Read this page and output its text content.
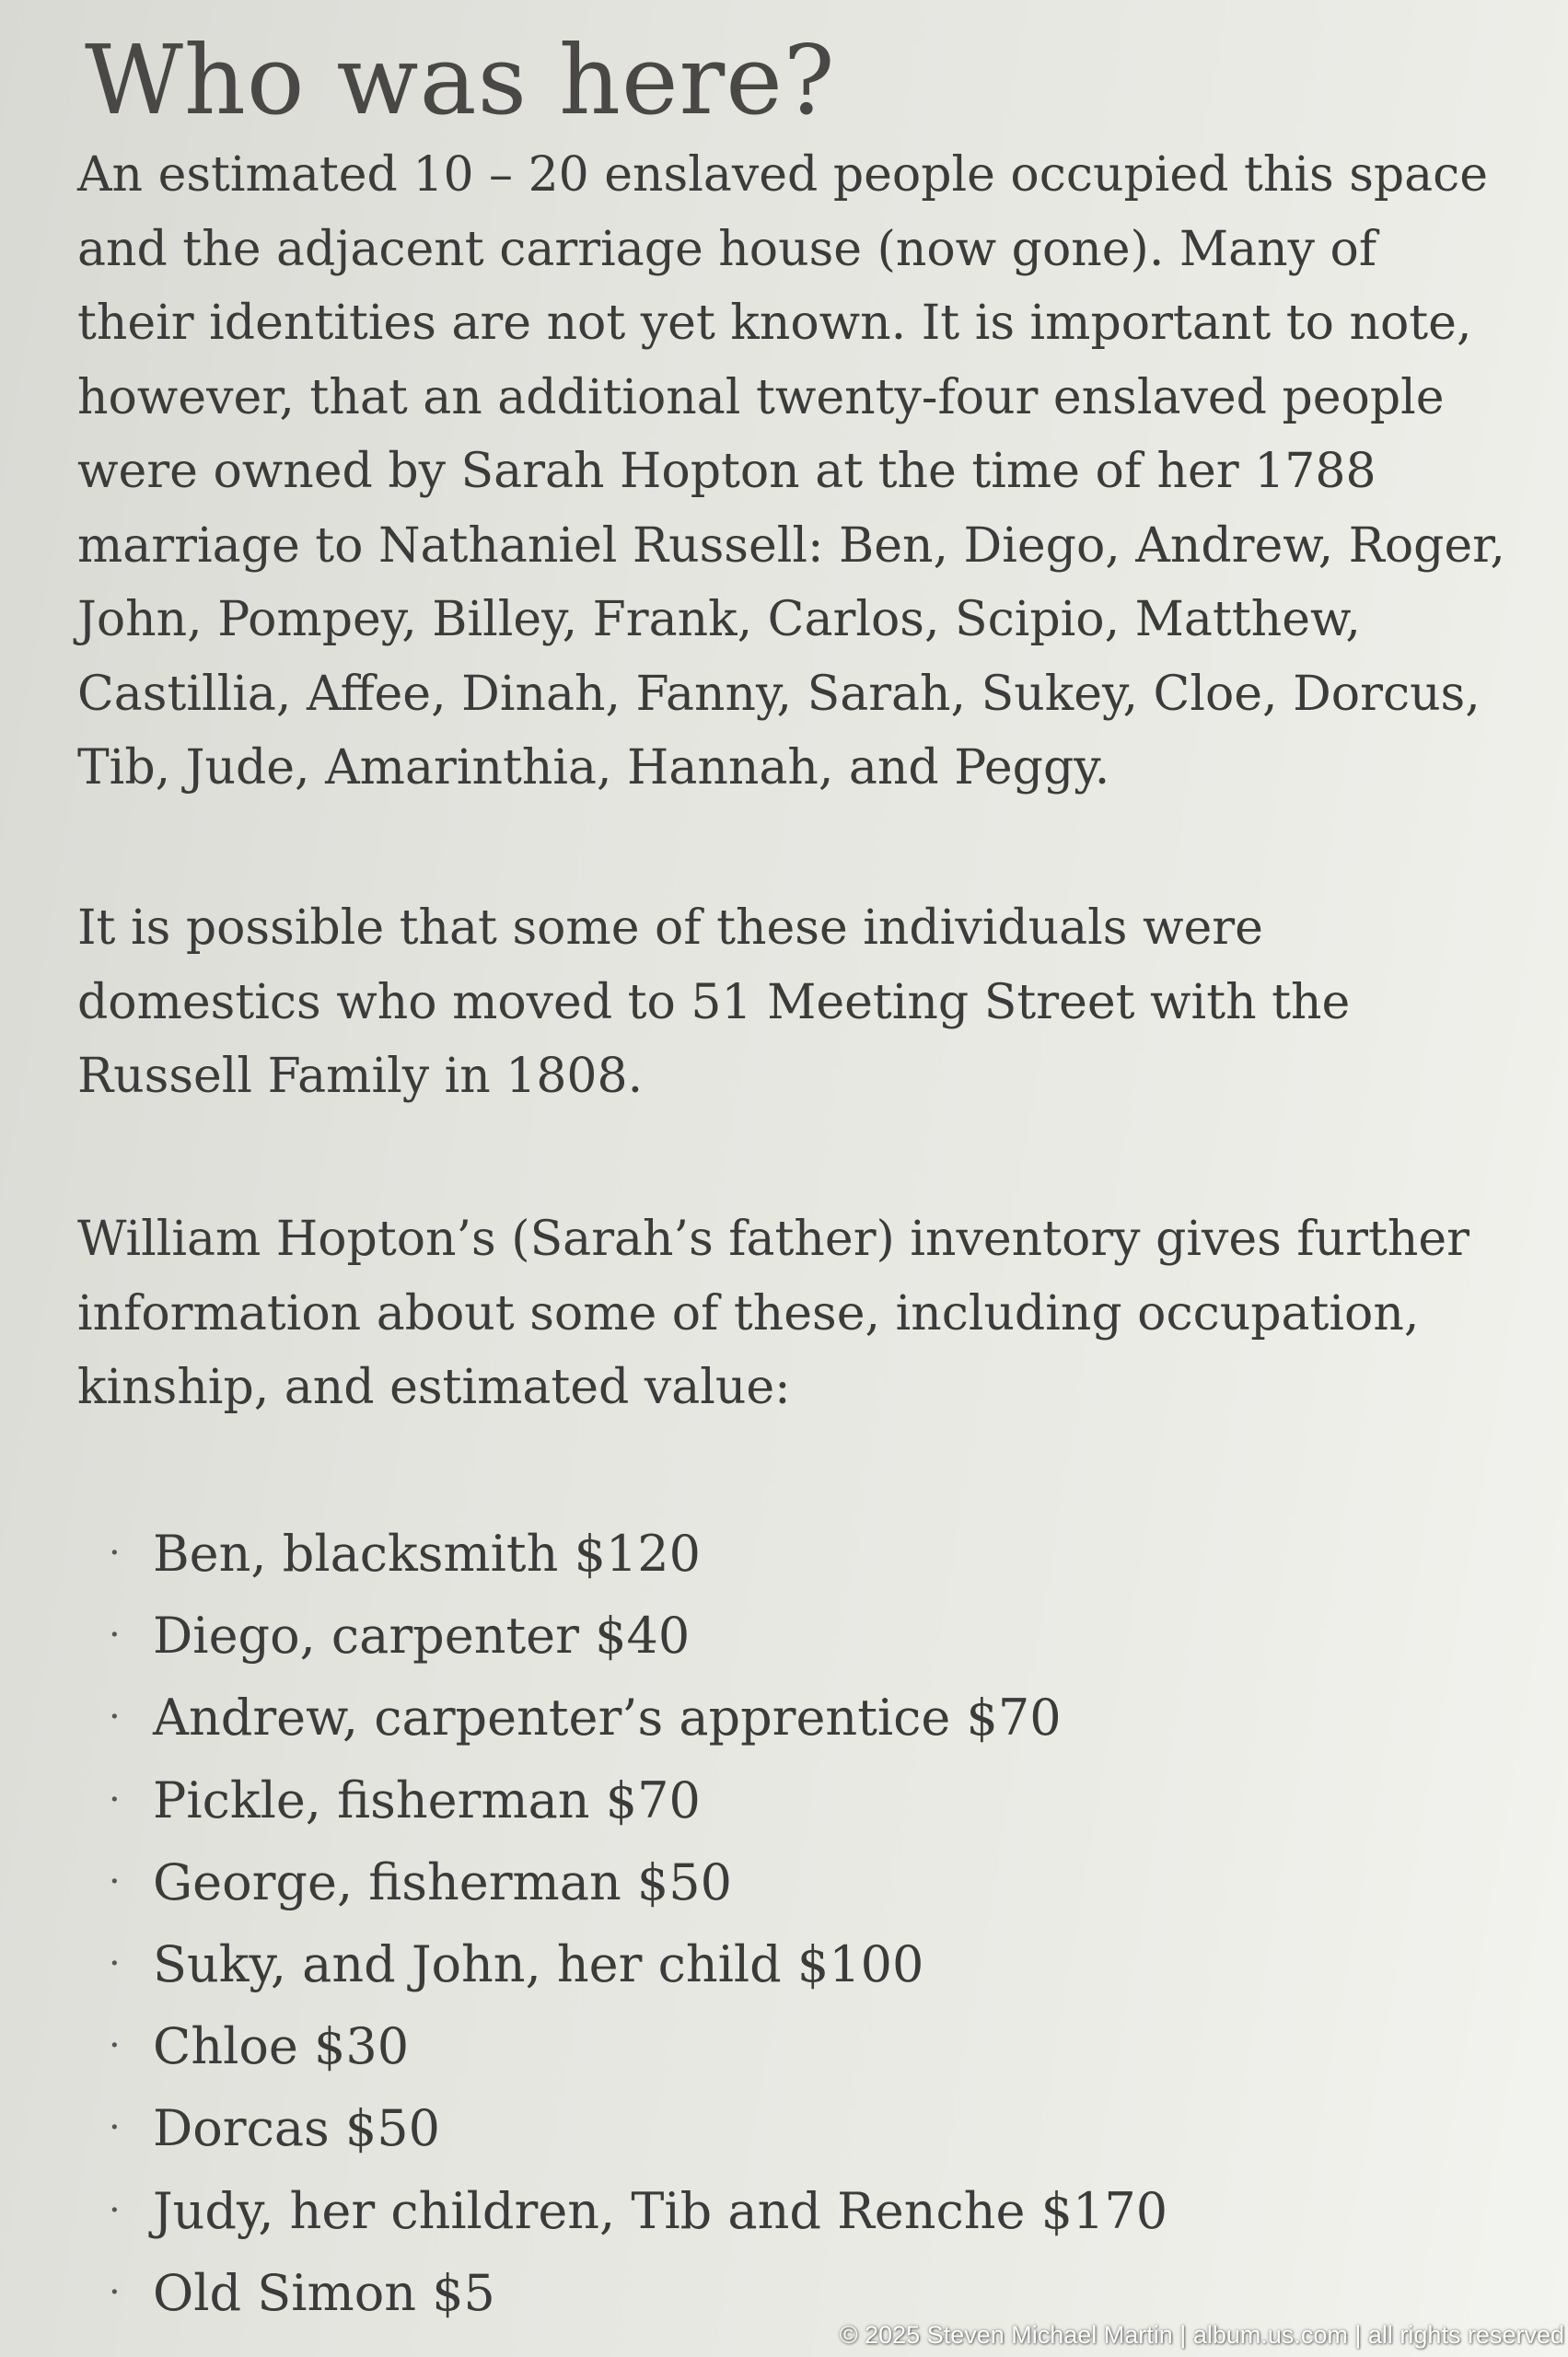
Who was here?

An estimated 10 – 20 enslaved people occupied this space
and the adjacent carriage house (now gone). Many of
their identities are not yet known. It is important to note,
however, that an additional twenty-four enslaved people
were owned by Sarah Hopton at the time of her 1788
marriage to Nathaniel Russell: Ben, Diego, Andrew, Roger,
John, Pompey, Billey, Frank, Carlos, Scipio, Matthew,
Castillia, Affee, Dinah, Fanny, Sarah, Sukey, Cloe, Dorcus,
Tib, Jude, Amarinthia, Hannah, and Peggy.

It is possible that some of these individuals were
domestics who moved to 51 Meeting Street with the
Russell Family in 1808.

William Hopton’s (Sarah’s father) inventory gives further
information about some of these, including occupation,
kinship, and estimated value:

· Ben, blacksmith $120
· Diego, carpenter $40
· Andrew, carpenter’s apprentice $70
· Pickle, fisherman $70
· George, fisherman $50
· Suky, and John, her child $100
· Chloe $30
· Dorcas $50
· Judy, her children, Tib and Renche $170
· Old Simon $5
© 2025 Steven Michael Martin | album.us.com | all rights reserved
